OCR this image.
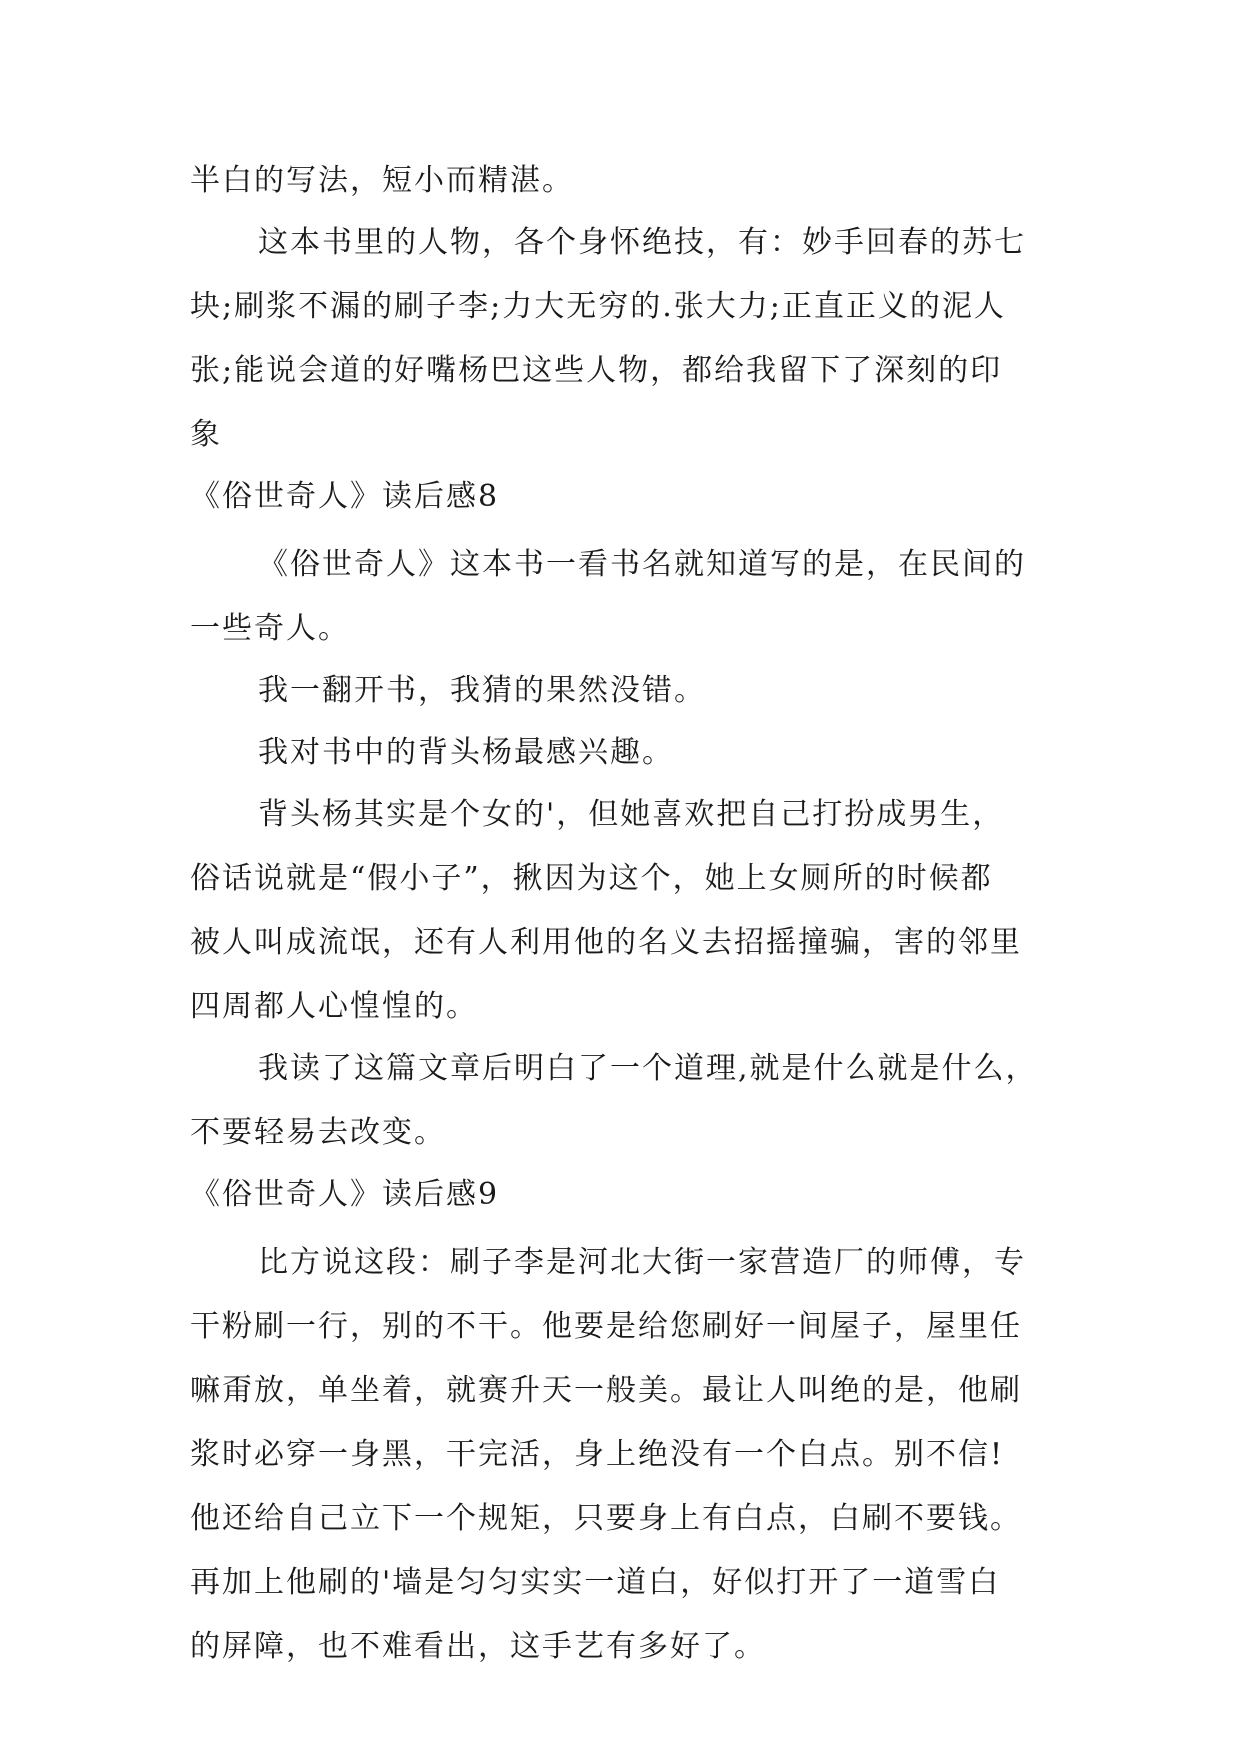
半白的写法，短小而精湛。

这本书里的人物，各个身怀绝技，有：妙手回春的苏七

块;刷浆不漏的刷子李;力大无穷的.张大力;正直正义的泥人

张;能说会道的好嘴杨巴这些人物，都给我留下了深刻的印

象

《俗世奇人》读后感8

《俗世奇人》这本书一看书名就知道写的是，在民间的

一些奇人。

我一翻开书，我猜的果然没错。

我对书中的背头杨最感兴趣。

背头杨其实是个女的'，但她喜欢把自己打扮成男生，

俗话说就是“假小子”，揪因为这个，她上女厕所的时候都

被人叫成流氓，还有人利用他的名义去招摇撞骗，害的邻里

四周都人心惶惶的。

我读了这篇文章后明白了一个道理,就是什么就是什么，

不要轻易去改变。

《俗世奇人》读后感9

比方说这段：刷子李是河北大街一家营造厂的师傅，专

干粉刷一行，别的不干。他要是给您刷好一间屋子，屋里任

嘛甭放，单坐着，就赛升天一般美。最让人叫绝的是，他刷

浆时必穿一身黑，干完活，身上绝没有一个白点。别不信!

他还给自己立下一个规矩，只要身上有白点，白刷不要钱。

再加上他刷的'墙是匀匀实实一道白，好似打开了一道雪白

的屏障，也不难看出，这手艺有多好了。
